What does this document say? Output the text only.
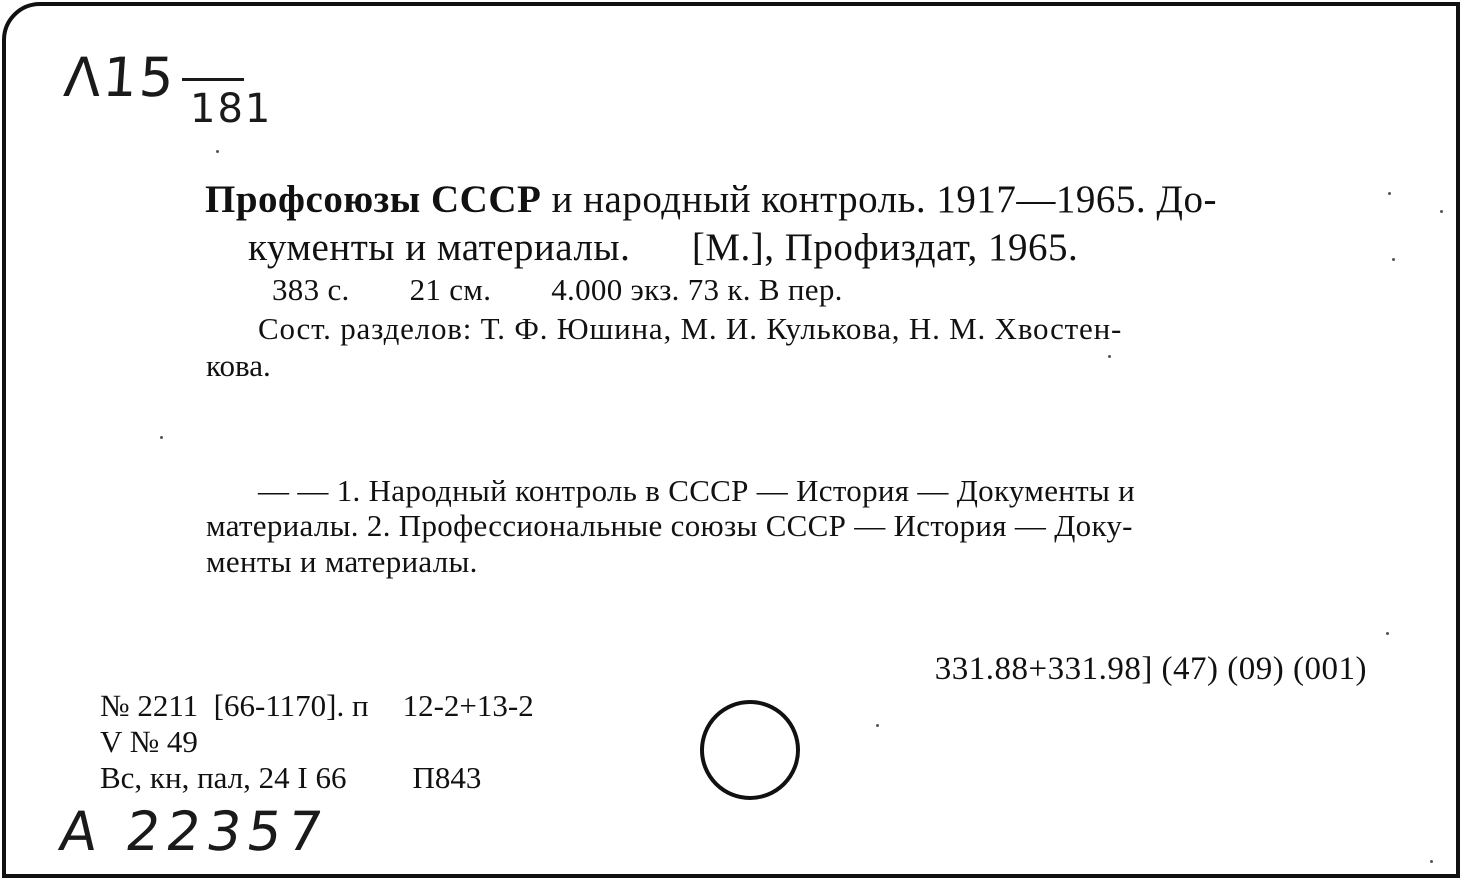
Λ15 181

Профсоюзы СССР и народный контроль. 1917—1965. До-

кументы и материалы.      [М.], Профиздат, 1965.

383 с. 21 см. 4.000 экз. 73 к. В пер.

Сост. разделов: Т. Ф. Юшина, М. И. Кулькова, Н. М. Хвостен-

кова.

— — 1. Народный контроль в СССР — История — Документы и

материалы. 2. Профессиональные союзы СССР — История — Доку-

менты и материалы.

331.88+331.98] (47) (09) (001)

№ 2211  [66-1170]. п 12-2+13-2

V № 49

Вс, кн, пал, 24 I 66 П843

A 22357
